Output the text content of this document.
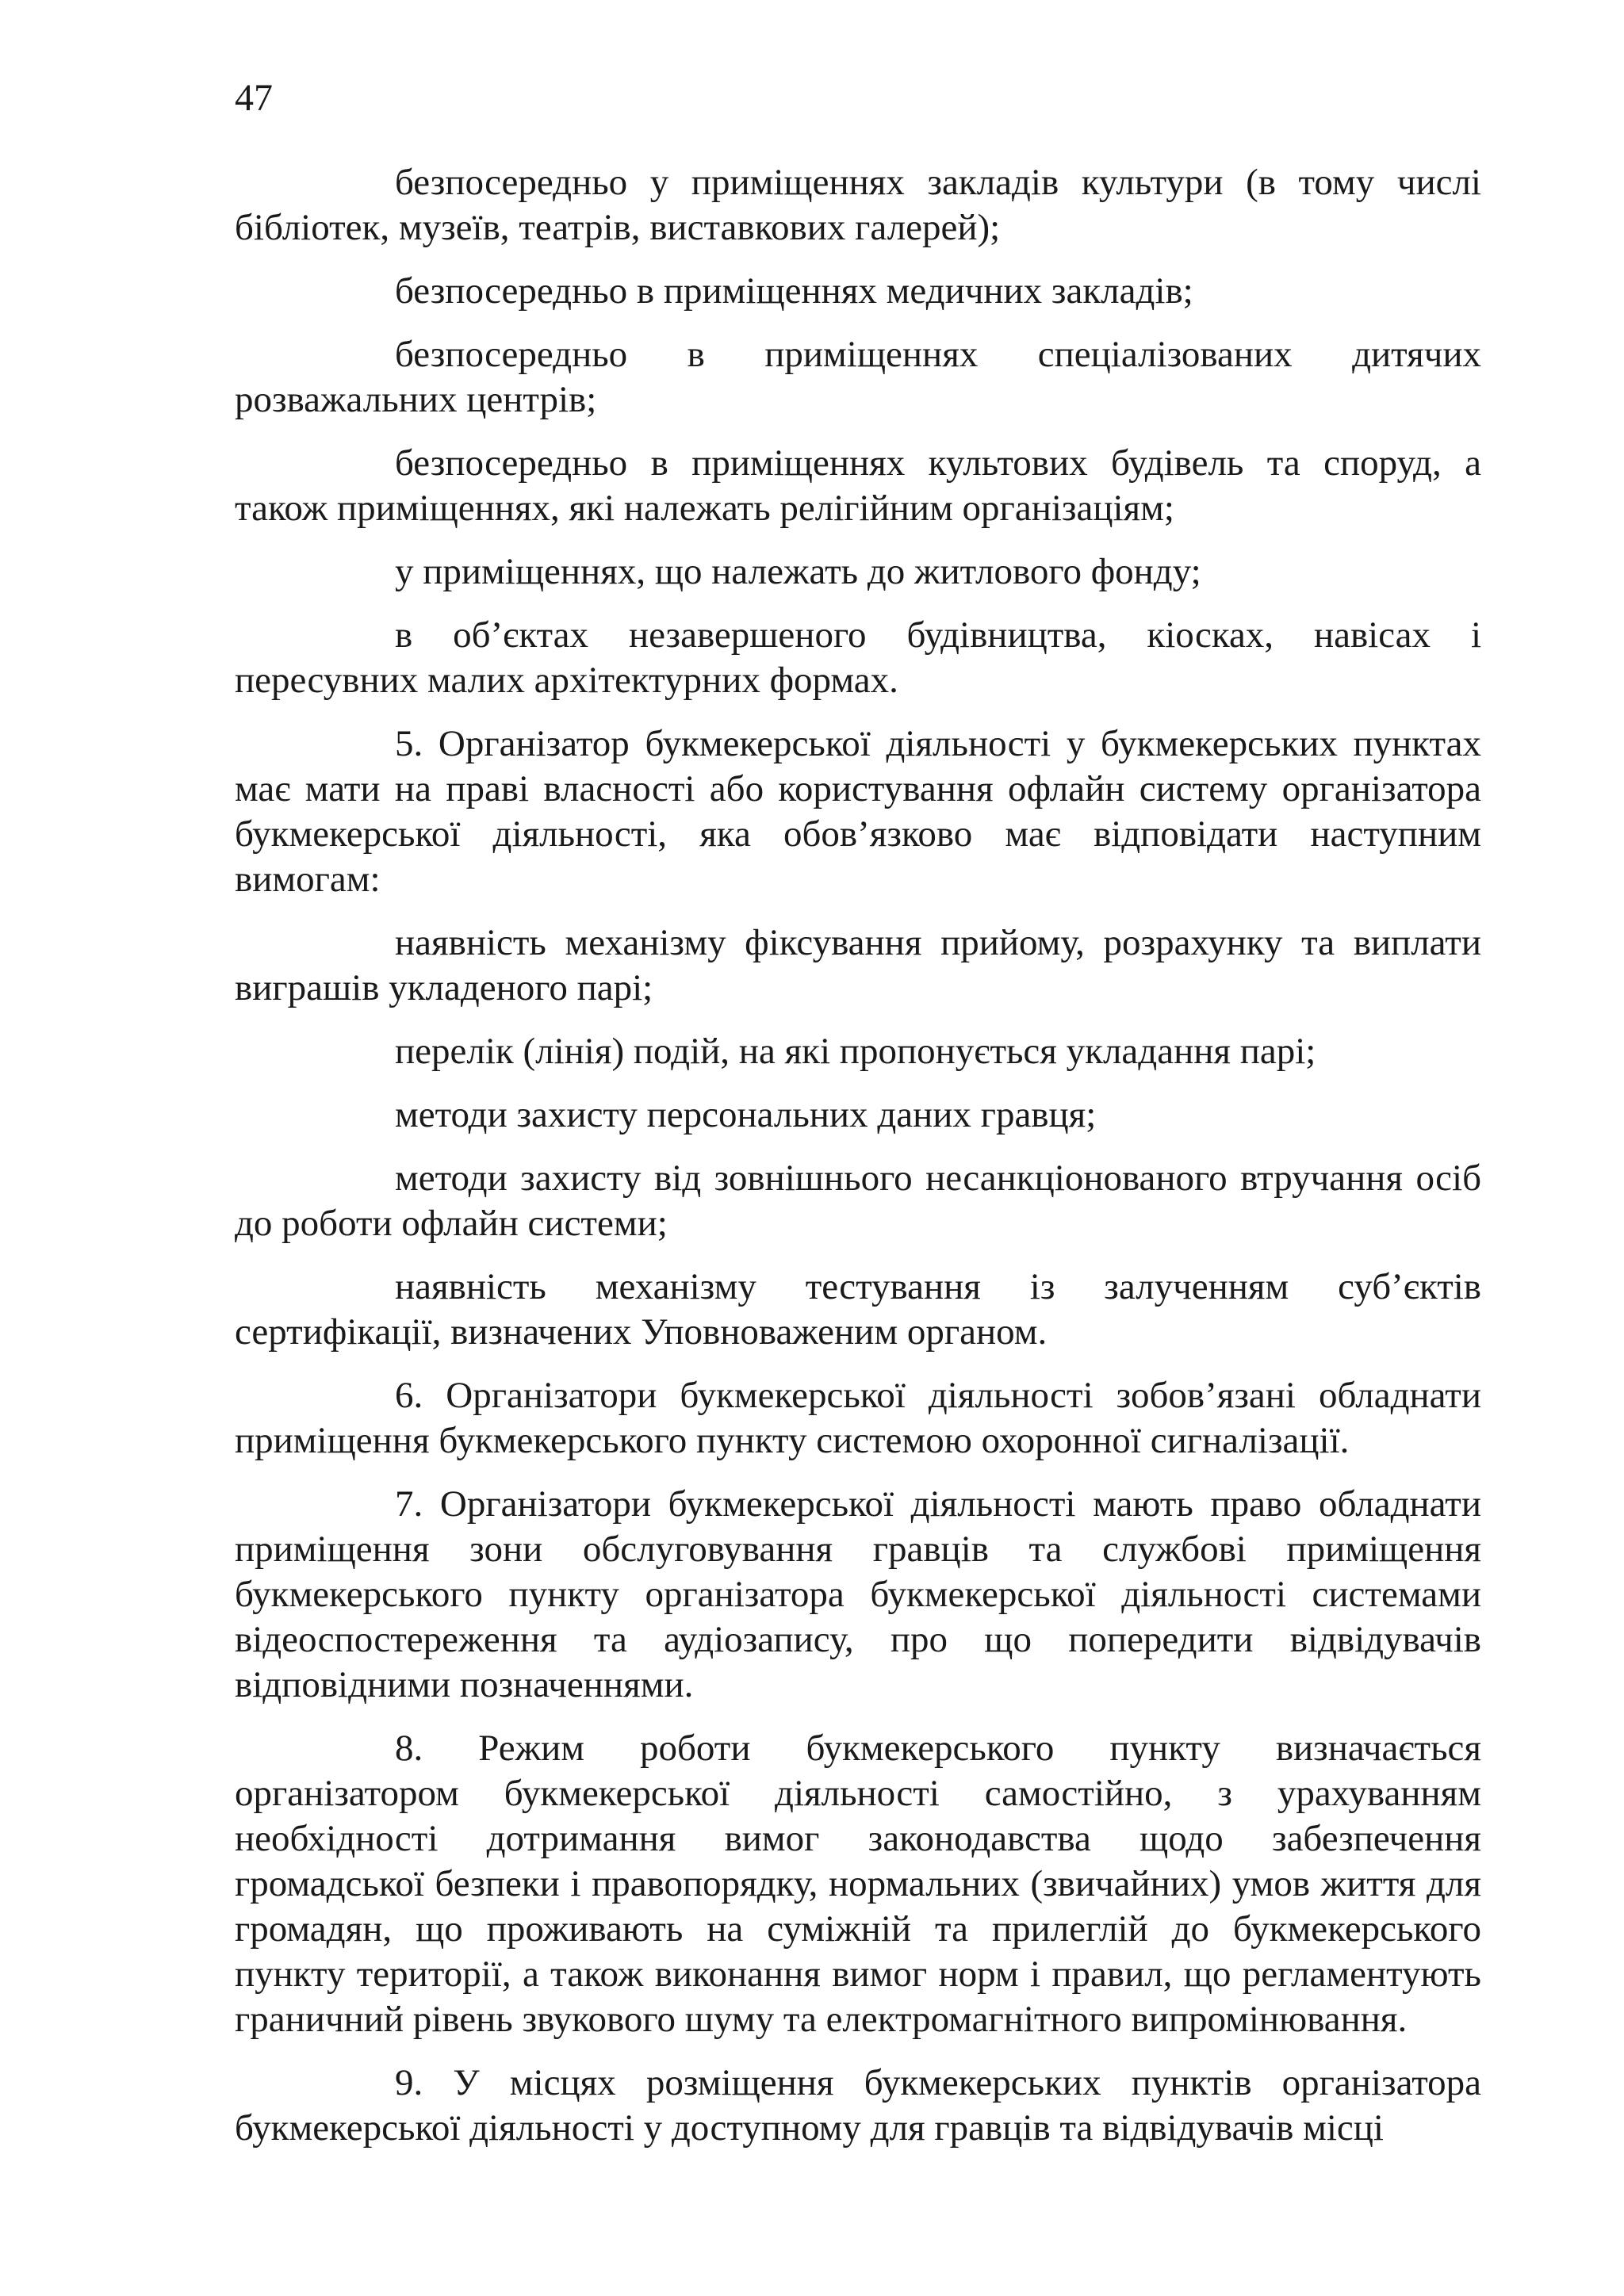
47

безпосередньо у приміщеннях закладів культури (в тому числі бібліотек, музеїв, театрів, виставкових галерей);

безпосередньо в приміщеннях медичних закладів;

безпосередньо в приміщеннях спеціалізованих дитячих розважальних центрів;

безпосередньо в приміщеннях культових будівель та споруд, а також приміщеннях, які належать релігійним організаціям;

у приміщеннях, що належать до житлового фонду;

в об’єктах незавершеного будівництва, кіосках, навісах і пересувних малих архітектурних формах.

5. Організатор букмекерської діяльності у букмекерських пунктах має мати на праві власності або користування офлайн систему організатора букмекерської діяльності, яка обов’язково має відповідати наступним вимогам:

наявність механізму фіксування прийому, розрахунку та виплати виграшів укладеного парі;

перелік (лінія) подій, на які пропонується укладання парі;

методи захисту персональних даних гравця;

методи захисту від зовнішнього несанкціонованого втручання осіб до роботи офлайн системи;

наявність механізму тестування із залученням суб’єктів сертифікації, визначених Уповноваженим органом.

6. Організатори букмекерської діяльності зобов’язані обладнати приміщення букмекерського пункту системою охоронної сигналізації.

7. Організатори букмекерської діяльності мають право обладнати приміщення зони обслуговування гравців та службові приміщення букмекерського пункту організатора букмекерської діяльності системами відеоспостереження та аудіозапису, про що попередити відвідувачів відповідними позначеннями.

8. Режим роботи букмекерського пункту визначається організатором букмекерської діяльності самостійно, з урахуванням необхідності дотримання вимог законодавства щодо забезпечення громадської безпеки і правопорядку, нормальних (звичайних) умов життя для громадян, що проживають на суміжній та прилеглій до букмекерського пункту території, а також виконання вимог норм і правил, що регламентують граничний рівень звукового шуму та електромагнітного випромінювання.

9. У місцях розміщення букмекерських пунктів організатора букмекерської діяльності у доступному для гравців та відвідувачів місці
